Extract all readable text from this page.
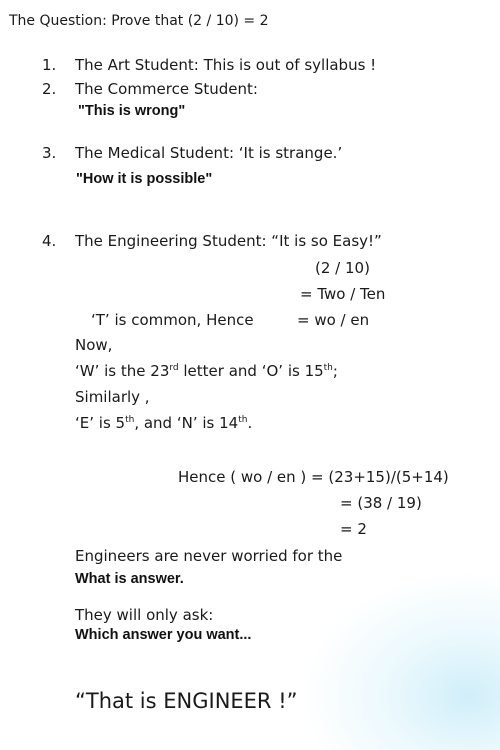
The Question: Prove that (2 / 10) = 2
1. The Art Student: This is out of syllabus !
2. The Commerce Student:
"This is wrong"
3. The Medical Student: ‘It is strange.’
"How it is possible"
4. The Engineering Student: “It is so Easy!”
(2 / 10)
= Two / Ten
‘T’ is common, Hence	= wo / en
Now,
‘W’ is the 23rd letter and ‘O’ is 15th;
Similarly ,
‘E’ is 5th, and ‘N’ is 14th.
Hence ( wo / en ) = (23+15)/(5+14)
= (38 / 19)
= 2
Engineers are never worried for the
What is answer.
They will only ask:
Which answer you want...
“That is ENGINEER !”
